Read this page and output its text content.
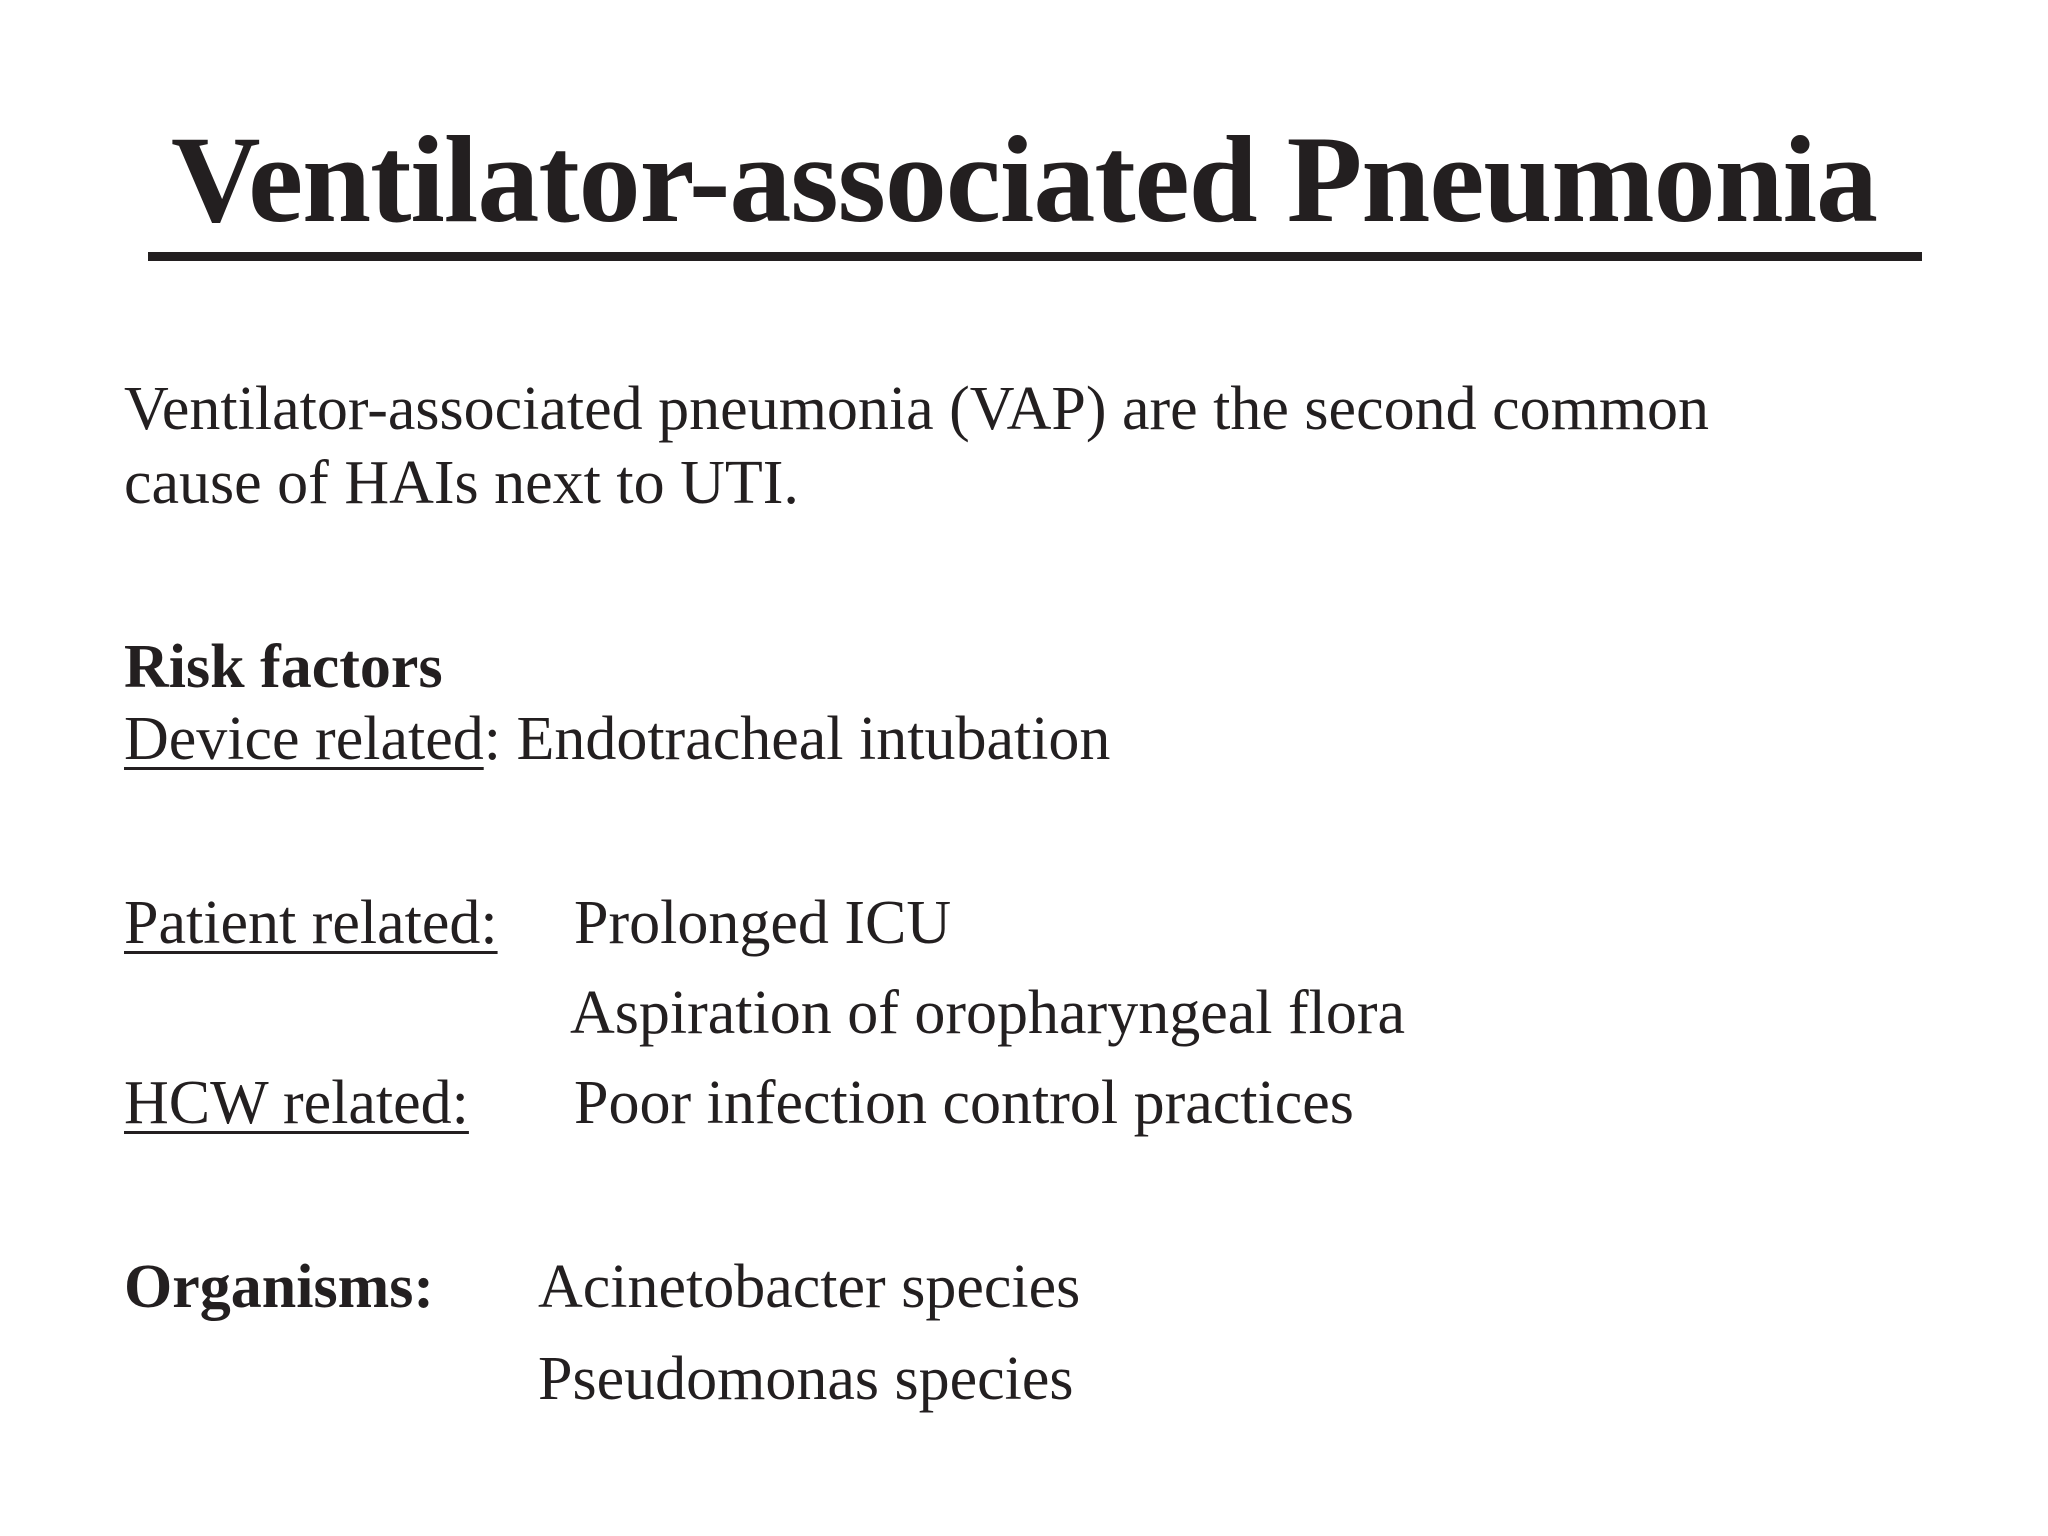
Ventilator-associated Pneumonia
Ventilator-associated pneumonia (VAP) are the second common
cause of HAIs next to UTI.
Risk factors
Device related: Endotracheal intubation
Patient related: Prolonged ICU
Aspiration of oropharyngeal flora
HCW related: Poor infection control practices
Organisms: Acinetobacter species
Pseudomonas species
